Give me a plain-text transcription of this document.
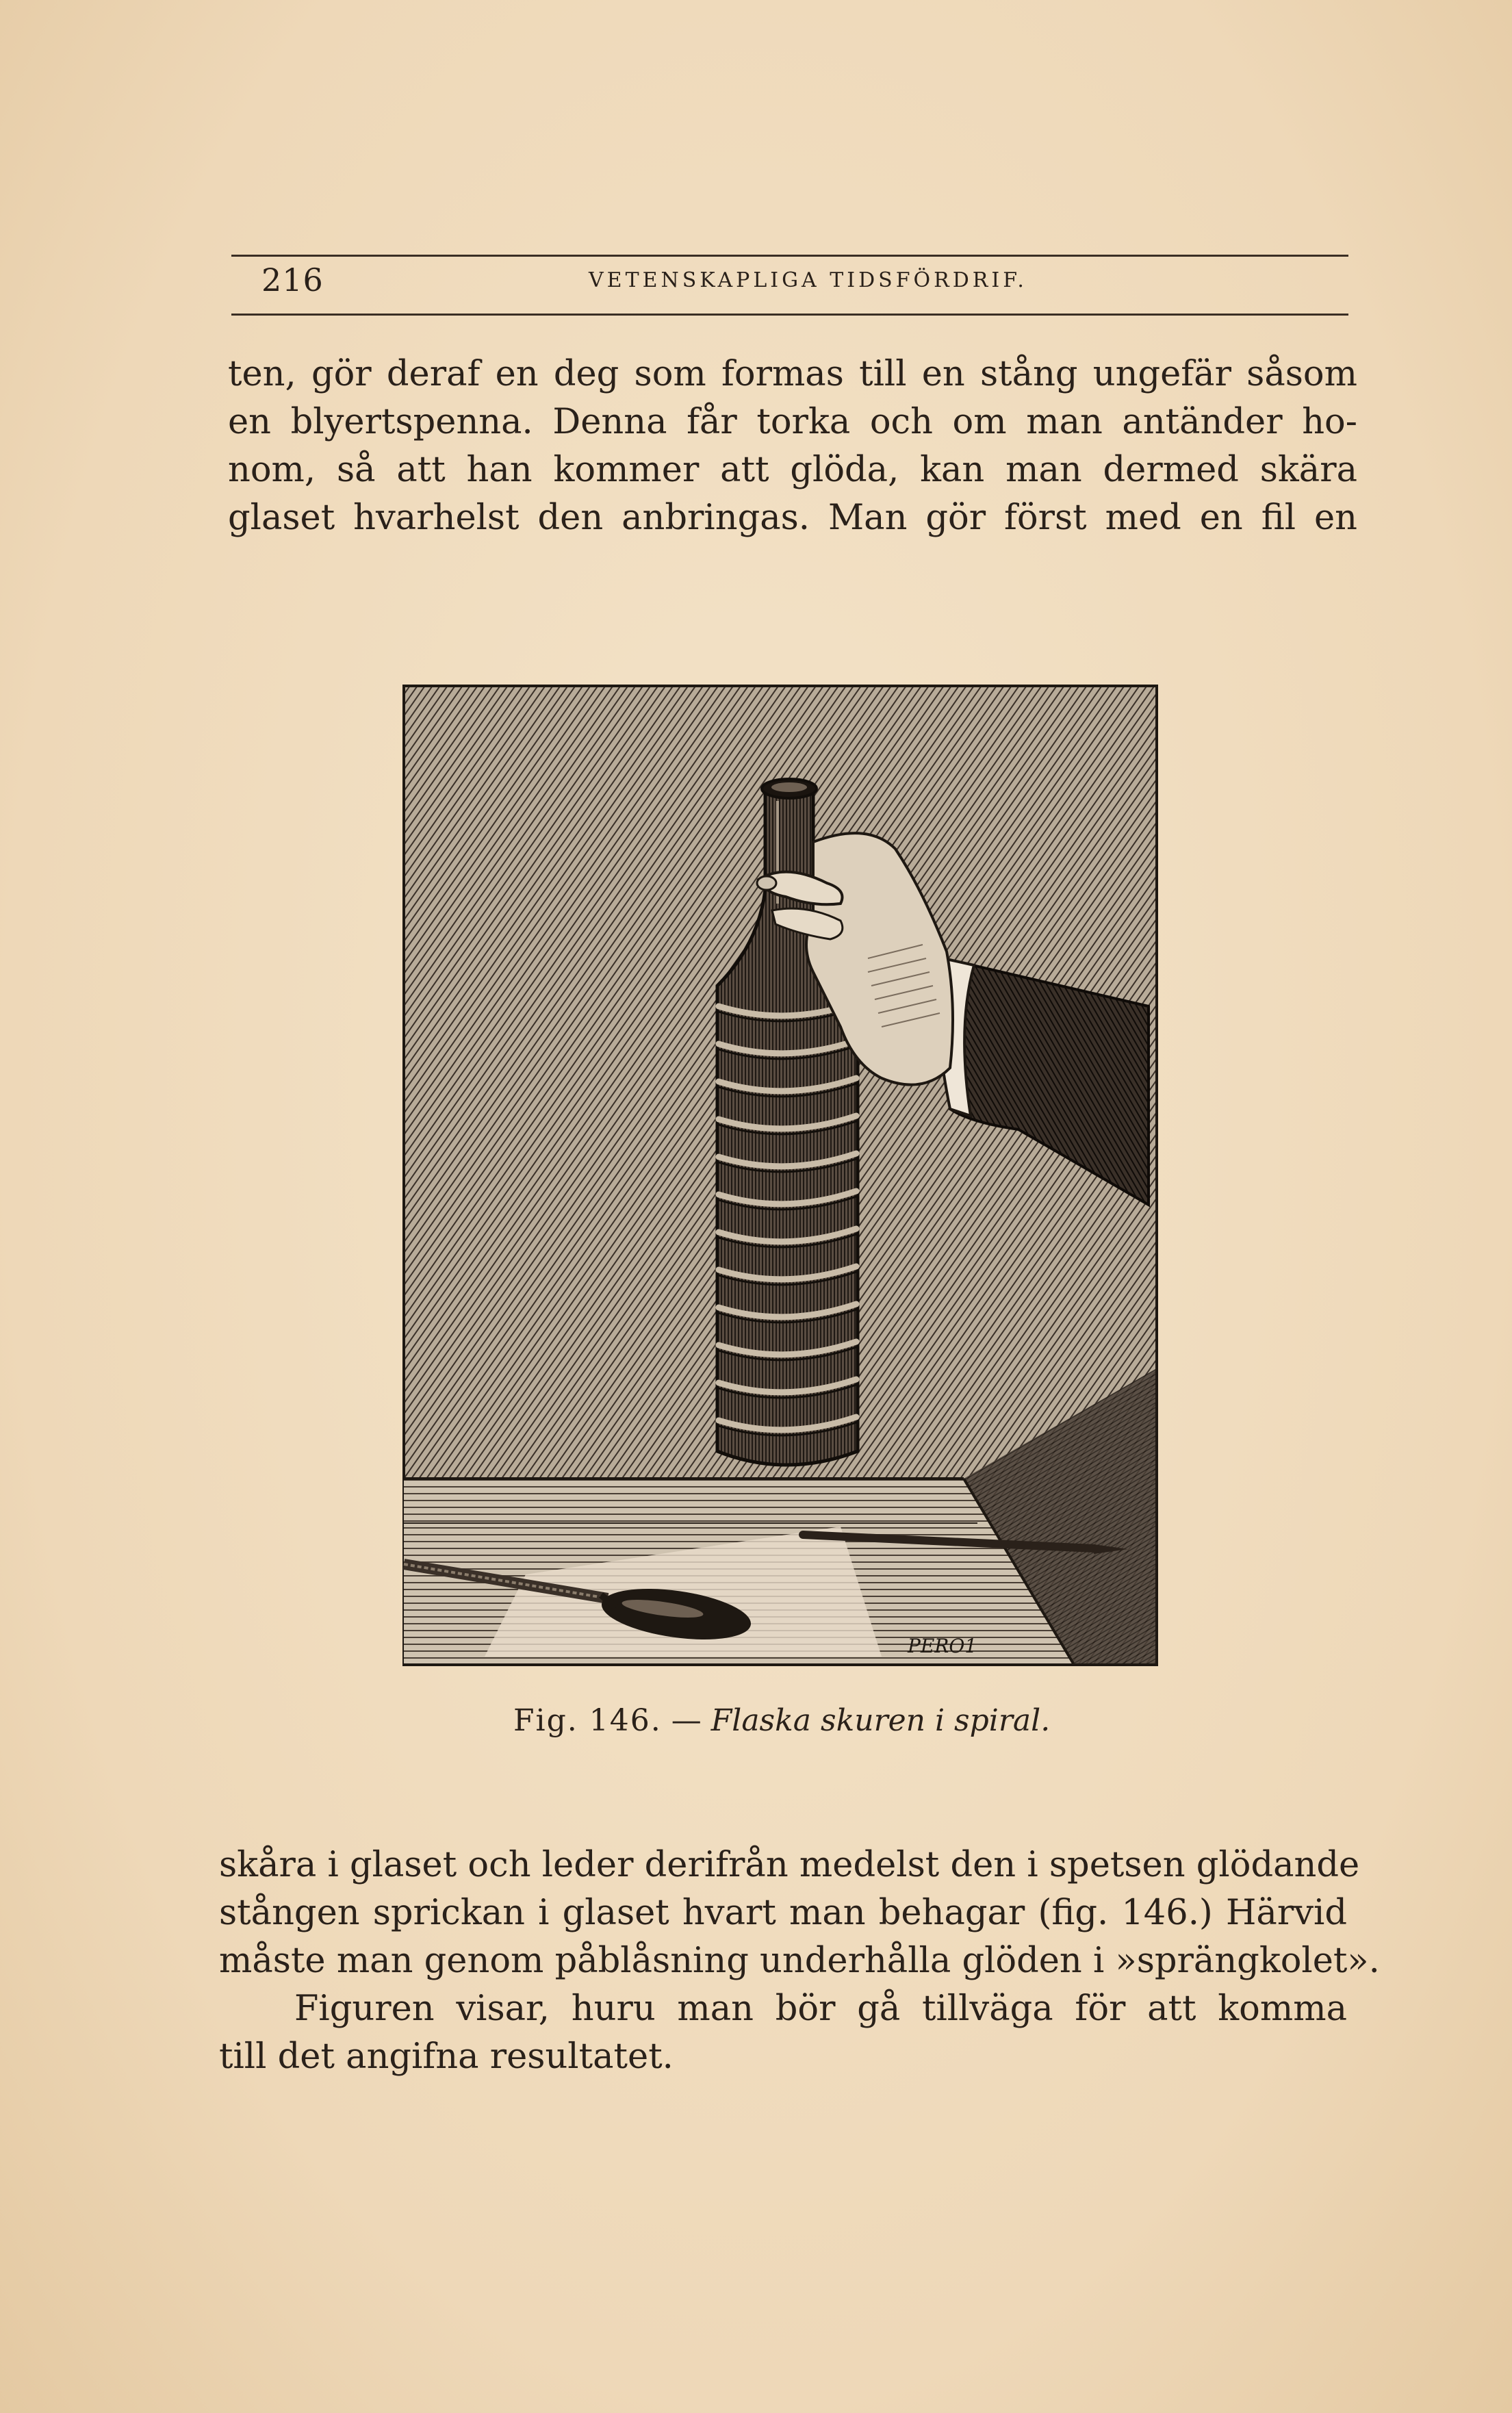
216	VETENSKAPLIGA TIDSFÖRDRIF.
ten, gör deraf en deg som formas till en stång ungefär såsom
en blyertspenna. Denna får torka och om man antänder ho-
nom, så att han kommer att glöda, kan man dermed skära
glaset hvarhelst den anbringas. Man gör först med en fil en
PERO1
Fig. 146. — Flaska skuren i spiral.
skåra i glaset och leder derifrån medelst den i spetsen glödande
stången sprickan i glaset hvart man behagar (fig. 146.) Härvid
måste man genom påblåsning underhålla glöden i »sprängkolet».
Figuren visar, huru man bör gå tillväga för att komma
till det angifna resultatet.
